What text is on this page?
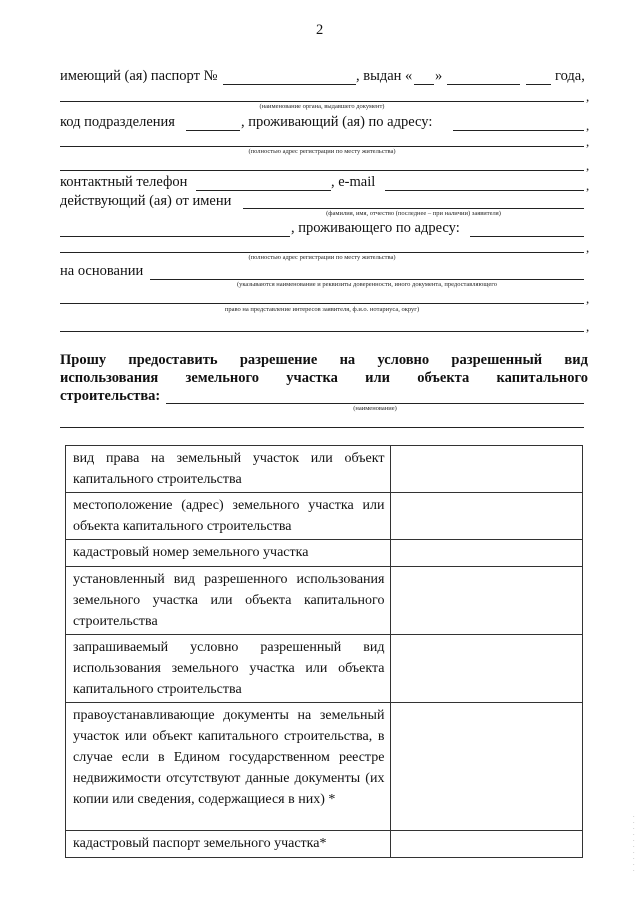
2
имеющий (ая) паспорт №	, выдан « »	года,
,
(наименование органа, выдавшего документ)
код подразделения	, проживающий (ая) по адресу:	,
,
(полностью адрес регистрации по месту жительства)
,
контактный телефон	, e-mail	,
действующий (ая) от имени
(фамилия, имя, отчество (последнее – при наличии) заявителя)
, проживающего по адресу:
,
(полностью адрес регистрации по месту жительства)
на основании
(указываются наименование и реквизиты доверенности, иного документа, предоставляющего
,
право на представление интересов заявителя, ф.и.о. нотариуса, округ)
,
Прошу предоставить разрешение на условно разрешенный вид
использования земельного участка или объекта капитального
строительства:
(наименование)
вид права на земельный участок или объект капитального строительства	

местоположение (адрес) земельного участка или объекта капитального строительства	

кадастровый номер земельного участка	

установленный вид разрешенного использования земельного участка или объекта капитального строительства	

запрашиваемый условно разрешенный вид использования земельного участка или объекта капитального строительства	

правоустанавливающие документы на земельный участок или объект капитального строительства, в случае если в Едином государственном реестре недвижимости отсутствуют данные документы (их копии или сведения, содержащиеся в них) *	

кадастровый паспорт земельного участка*	

·
·
·
·
·
·
·
·
·
·
